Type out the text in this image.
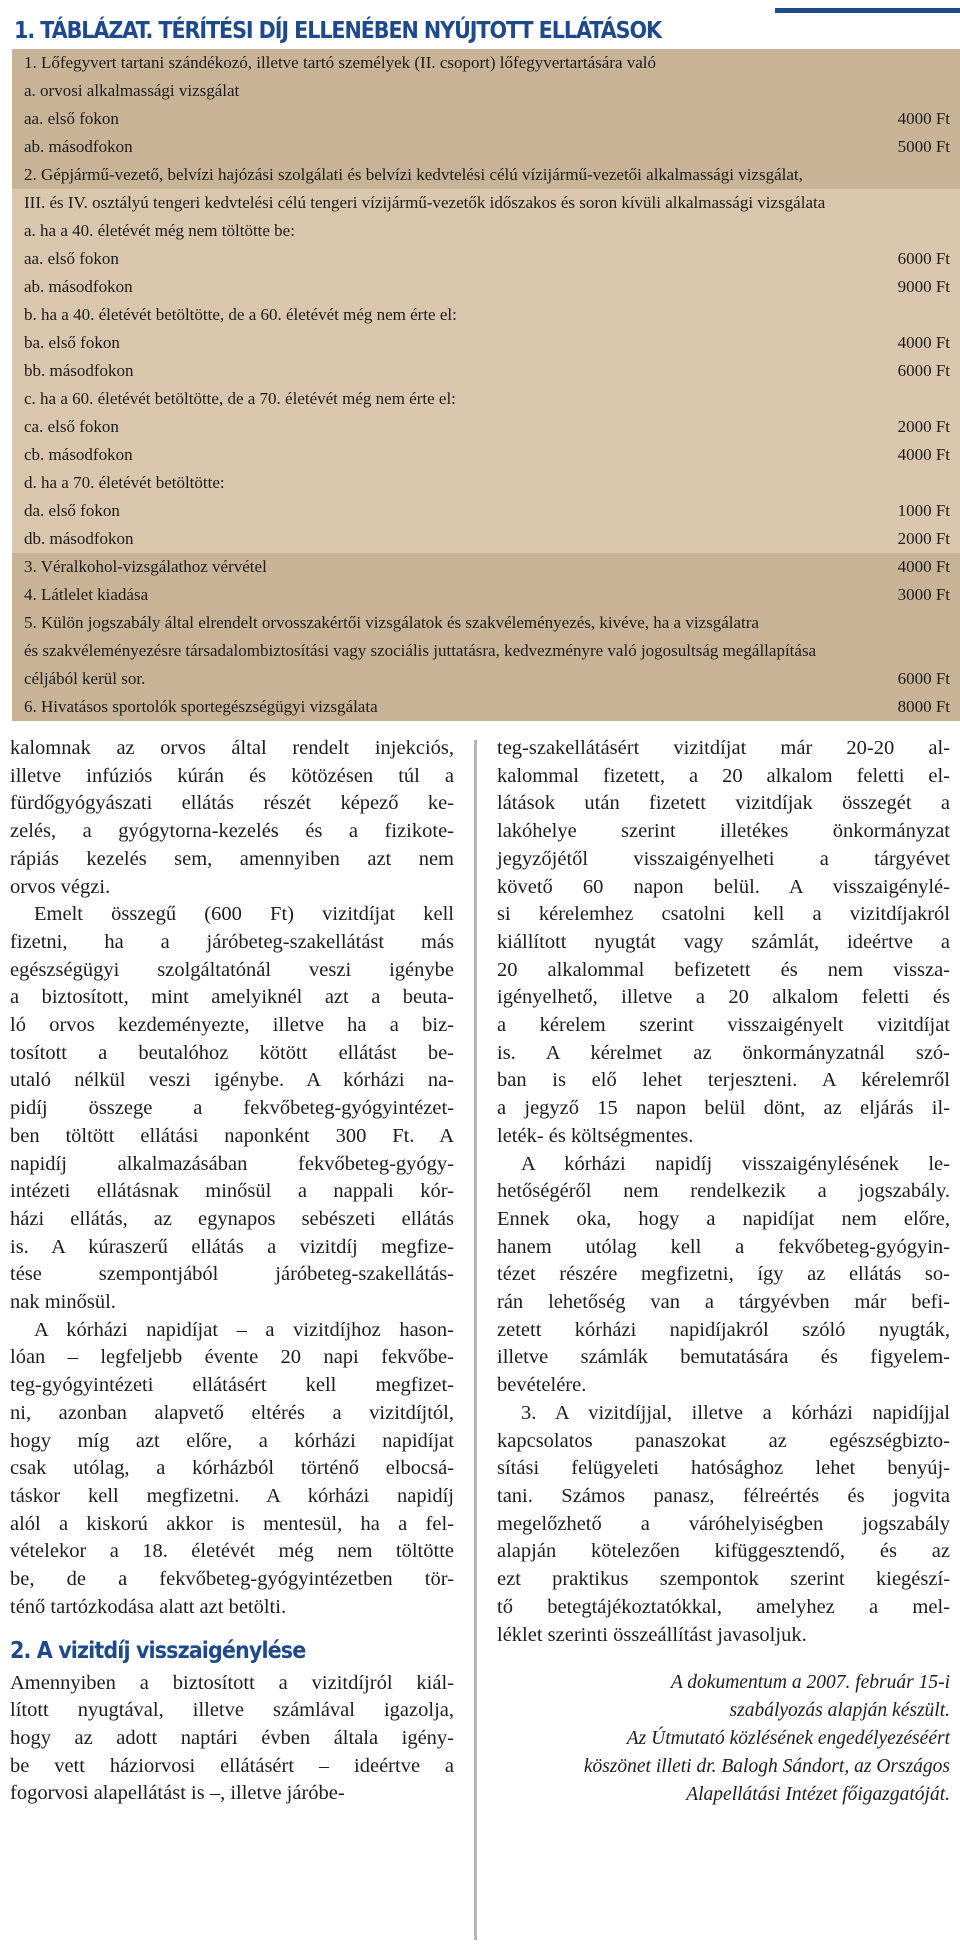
1. TÁBLÁZAT. TÉRÍTÉSI DÍJ ELLENÉBEN NYÚJTOTT ELLÁTÁSOK
1. Lőfegyvert tartani szándékozó, illetve tartó személyek (II. csoport) lőfegyvertartására való
a. orvosi alkalmassági vizsgálat
aa. első fokon	4000 Ft
ab. másodfokon	5000 Ft
2. Gépjármű-vezető, belvízi hajózási szolgálati és belvízi kedvtelési célú vízijármű-vezetői alkalmassági vizsgálat,
III. és IV. osztályú tengeri kedvtelési célú tengeri vízijármű-vezetők időszakos és soron kívüli alkalmassági vizsgálata
a. ha a 40. életévét még nem töltötte be:
aa. első fokon	6000 Ft
ab. másodfokon	9000 Ft
b. ha a 40. életévét betöltötte, de a 60. életévét még nem érte el:
ba. első fokon	4000 Ft
bb. másodfokon	6000 Ft
c. ha a 60. életévét betöltötte, de a 70. életévét még nem érte el:
ca. első fokon	2000 Ft
cb. másodfokon	4000 Ft
d. ha a 70. életévét betöltötte:
da. első fokon	1000 Ft
db. másodfokon	2000 Ft
3. Véralkohol-vizsgálathoz vérvétel	4000 Ft
4. Látlelet kiadása	3000 Ft
5. Külön jogszabály által elrendelt orvosszakértői vizsgálatok és szakvéleményezés, kivéve, ha a vizsgálatra
és szakvéleményezésre társadalombiztosítási vagy szociális juttatásra, kedvezményre való jogosultság megállapítása
céljából kerül sor.	6000 Ft
6. Hivatásos sportolók sportegészségügyi vizsgálata	8000 Ft
kalomnak az orvos által rendelt injekciós,
illetve infúziós kúrán és kötözésen túl a
fürdőgyógyászati ellátás részét képező ke-
zelés, a gyógytorna-kezelés és a fizikote-
rápiás kezelés sem, amennyiben azt nem
orvos végzi.
Emelt összegű (600 Ft) vizitdíjat kell
fizetni, ha a járóbeteg-szakellátást más
egészségügyi szolgáltatónál veszi igénybe
a biztosított, mint amelyiknél azt a beuta-
ló orvos kezdeményezte, illetve ha a biz-
tosított a beutalóhoz kötött ellátást be-
utaló nélkül veszi igénybe. A kórházi na-
pidíj összege a fekvőbeteg-gyógyintézet-
ben töltött ellátási naponként 300 Ft. A
napidíj alkalmazásában fekvőbeteg-gyógy-
intézeti ellátásnak minősül a nappali kór-
házi ellátás, az egynapos sebészeti ellátás
is. A kúraszerű ellátás a vizitdíj megfize-
tése szempontjából járóbeteg-szakellátás-
nak minősül.
A kórházi napidíjat – a vizitdíjhoz hason-
lóan – legfeljebb évente 20 napi fekvőbe-
teg-gyógyintézeti ellátásért kell megfizet-
ni, azonban alapvető eltérés a vizitdíjtól,
hogy míg azt előre, a kórházi napidíjat
csak utólag, a kórházból történő elbocsá-
táskor kell megfizetni. A kórházi napidíj
alól a kiskorú akkor is mentesül, ha a fel-
vételekor a 18. életévét még nem töltötte
be, de a fekvőbeteg-gyógyintézetben tör-
ténő tartózkodása alatt azt betölti.
2. A vizitdíj visszaigénylése
Amennyiben a biztosított a vizitdíjról kiál-
lított nyugtával, illetve számlával igazolja,
hogy az adott naptári évben általa igény-
be vett háziorvosi ellátásért – ideértve a
fogorvosi alapellátást is –, illetve járóbe-
teg-szakellátásért vizitdíjat már 20-20 al-
kalommal fizetett, a 20 alkalom feletti el-
látások után fizetett vizitdíjak összegét a
lakóhelye szerint illetékes önkormányzat
jegyzőjétől visszaigényelheti a tárgyévet
követő 60 napon belül. A visszaigénylé-
si kérelemhez csatolni kell a vizitdíjakról
kiállított nyugtát vagy számlát, ideértve a
20 alkalommal befizetett és nem vissza-
igényelhető, illetve a 20 alkalom feletti és
a kérelem szerint visszaigényelt vizitdíjat
is. A kérelmet az önkormányzatnál szó-
ban is elő lehet terjeszteni. A kérelemről
a jegyző 15 napon belül dönt, az eljárás il-
leték- és költségmentes.
A kórházi napidíj visszaigénylésének le-
hetőségéről nem rendelkezik a jogszabály.
Ennek oka, hogy a napidíjat nem előre,
hanem utólag kell a fekvőbeteg-gyógyin-
tézet részére megfizetni, így az ellátás so-
rán lehetőség van a tárgyévben már befi-
zetett kórházi napidíjakról szóló nyugták,
illetve számlák bemutatására és figyelem-
bevételére.
3. A vizitdíjjal, illetve a kórházi napidíjjal
kapcsolatos panaszokat az egészségbizto-
sítási felügyeleti hatósághoz lehet benyúj-
tani. Számos panasz, félreértés és jogvita
megelőzhető a váróhelyiségben jogszabály
alapján kötelezően kifüggesztendő, és az
ezt praktikus szempontok szerint kiegészí-
tő betegtájékoztatókkal, amelyhez a mel-
léklet szerinti összeállítást javasoljuk.
A dokumentum a 2007. február 15-i
szabályozás alapján készült.
Az Útmutató közlésének engedélyezéséért
köszönet illeti dr. Balogh Sándort, az Országos
Alapellátási Intézet főigazgatóját.
